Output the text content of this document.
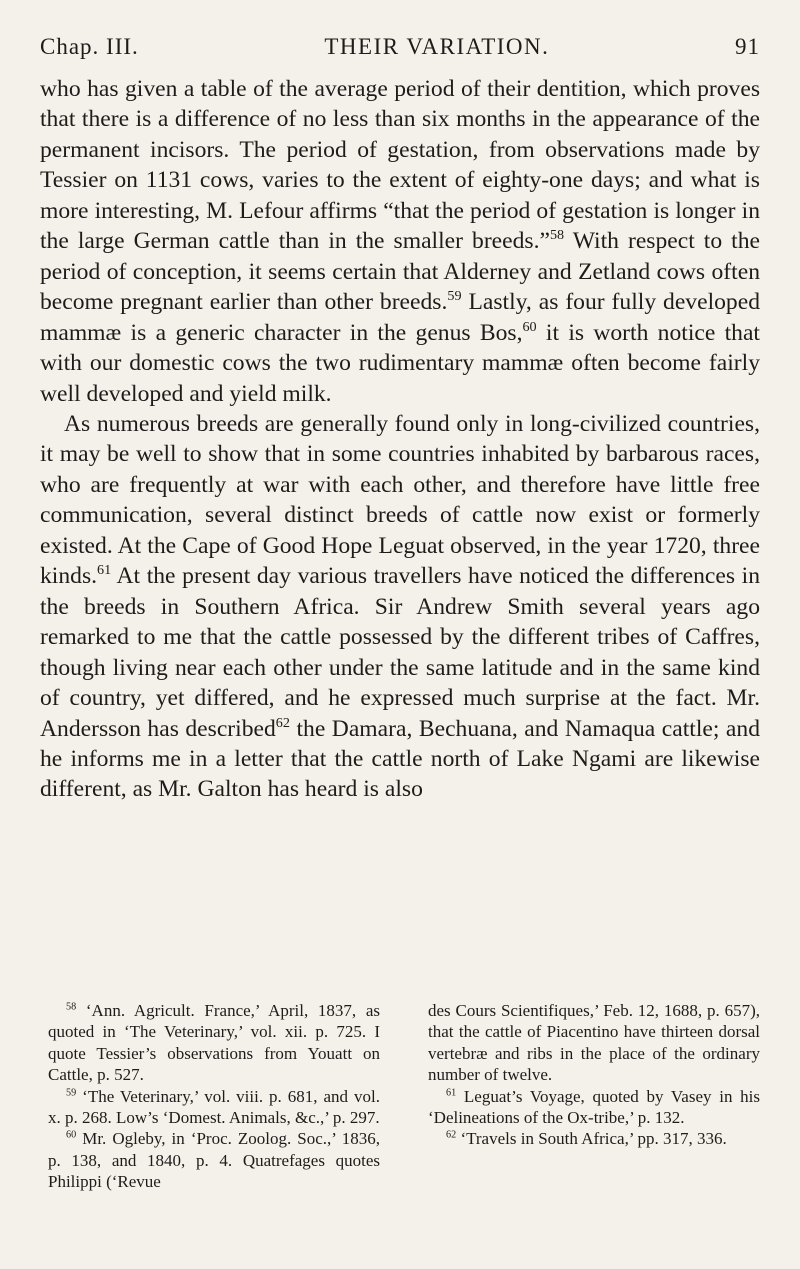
Chap. III.	THEIR VARIATION.	91

who has given a table of the average period of their dentition, which proves that there is a difference of no less than six months in the appearance of the permanent incisors. The period of gestation, from observations made by Tessier on 1131 cows, varies to the extent of eighty-one days; and what is more interesting, M. Lefour affirms “that the period of gestation is longer in the large German cattle than in the smaller breeds.”$^{58}$ With respect to the period of conception, it seems certain that Alderney and Zetland cows often become pregnant earlier than other breeds.$^{59}$ Lastly, as four fully developed mammæ is a generic character in the genus Bos,$^{60}$ it is worth notice that with our domestic cows the two rudimentary mammæ often become fairly well developed and yield milk.

As numerous breeds are generally found only in long-civilized countries, it may be well to show that in some countries inhabited by barbarous races, who are frequently at war with each other, and therefore have little free communication, several distinct breeds of cattle now exist or formerly existed. At the Cape of Good Hope Leguat observed, in the year 1720, three kinds.$^{61}$ At the present day various travellers have noticed the differences in the breeds in Southern Africa. Sir Andrew Smith several years ago remarked to me that the cattle possessed by the different tribes of Caffres, though living near each other under the same latitude and in the same kind of country, yet differed, and he expressed much surprise at the fact. Mr. Andersson has described$^{62}$ the Damara, Bechuana, and Namaqua cattle; and he informs me in a letter that the cattle north of Lake Ngami are likewise different, as Mr. Galton has heard is also

$^{58}$ ‘Ann. Agricult. France,’ April, 1837, as quoted in ‘The Veterinary,’ vol. xii. p. 725. I quote Tessier’s observations from Youatt on Cattle, p. 527.

$^{59}$ ‘The Veterinary,’ vol. viii. p. 681, and vol. x. p. 268. Low’s ‘Domest. Animals, &c.,’ p. 297.

$^{60}$ Mr. Ogleby, in ‘Proc. Zoolog. Soc.,’ 1836, p. 138, and 1840, p. 4. Quatrefages quotes Philippi (‘Revue

des Cours Scientifiques,’ Feb. 12, 1688, p. 657), that the cattle of Piacentino have thirteen dorsal vertebræ and ribs in the place of the ordinary number of twelve.

$^{61}$ Leguat’s Voyage, quoted by Vasey in his ‘Delineations of the Ox-tribe,’ p. 132.

$^{62}$ ‘Travels in South Africa,’ pp. 317, 336.
